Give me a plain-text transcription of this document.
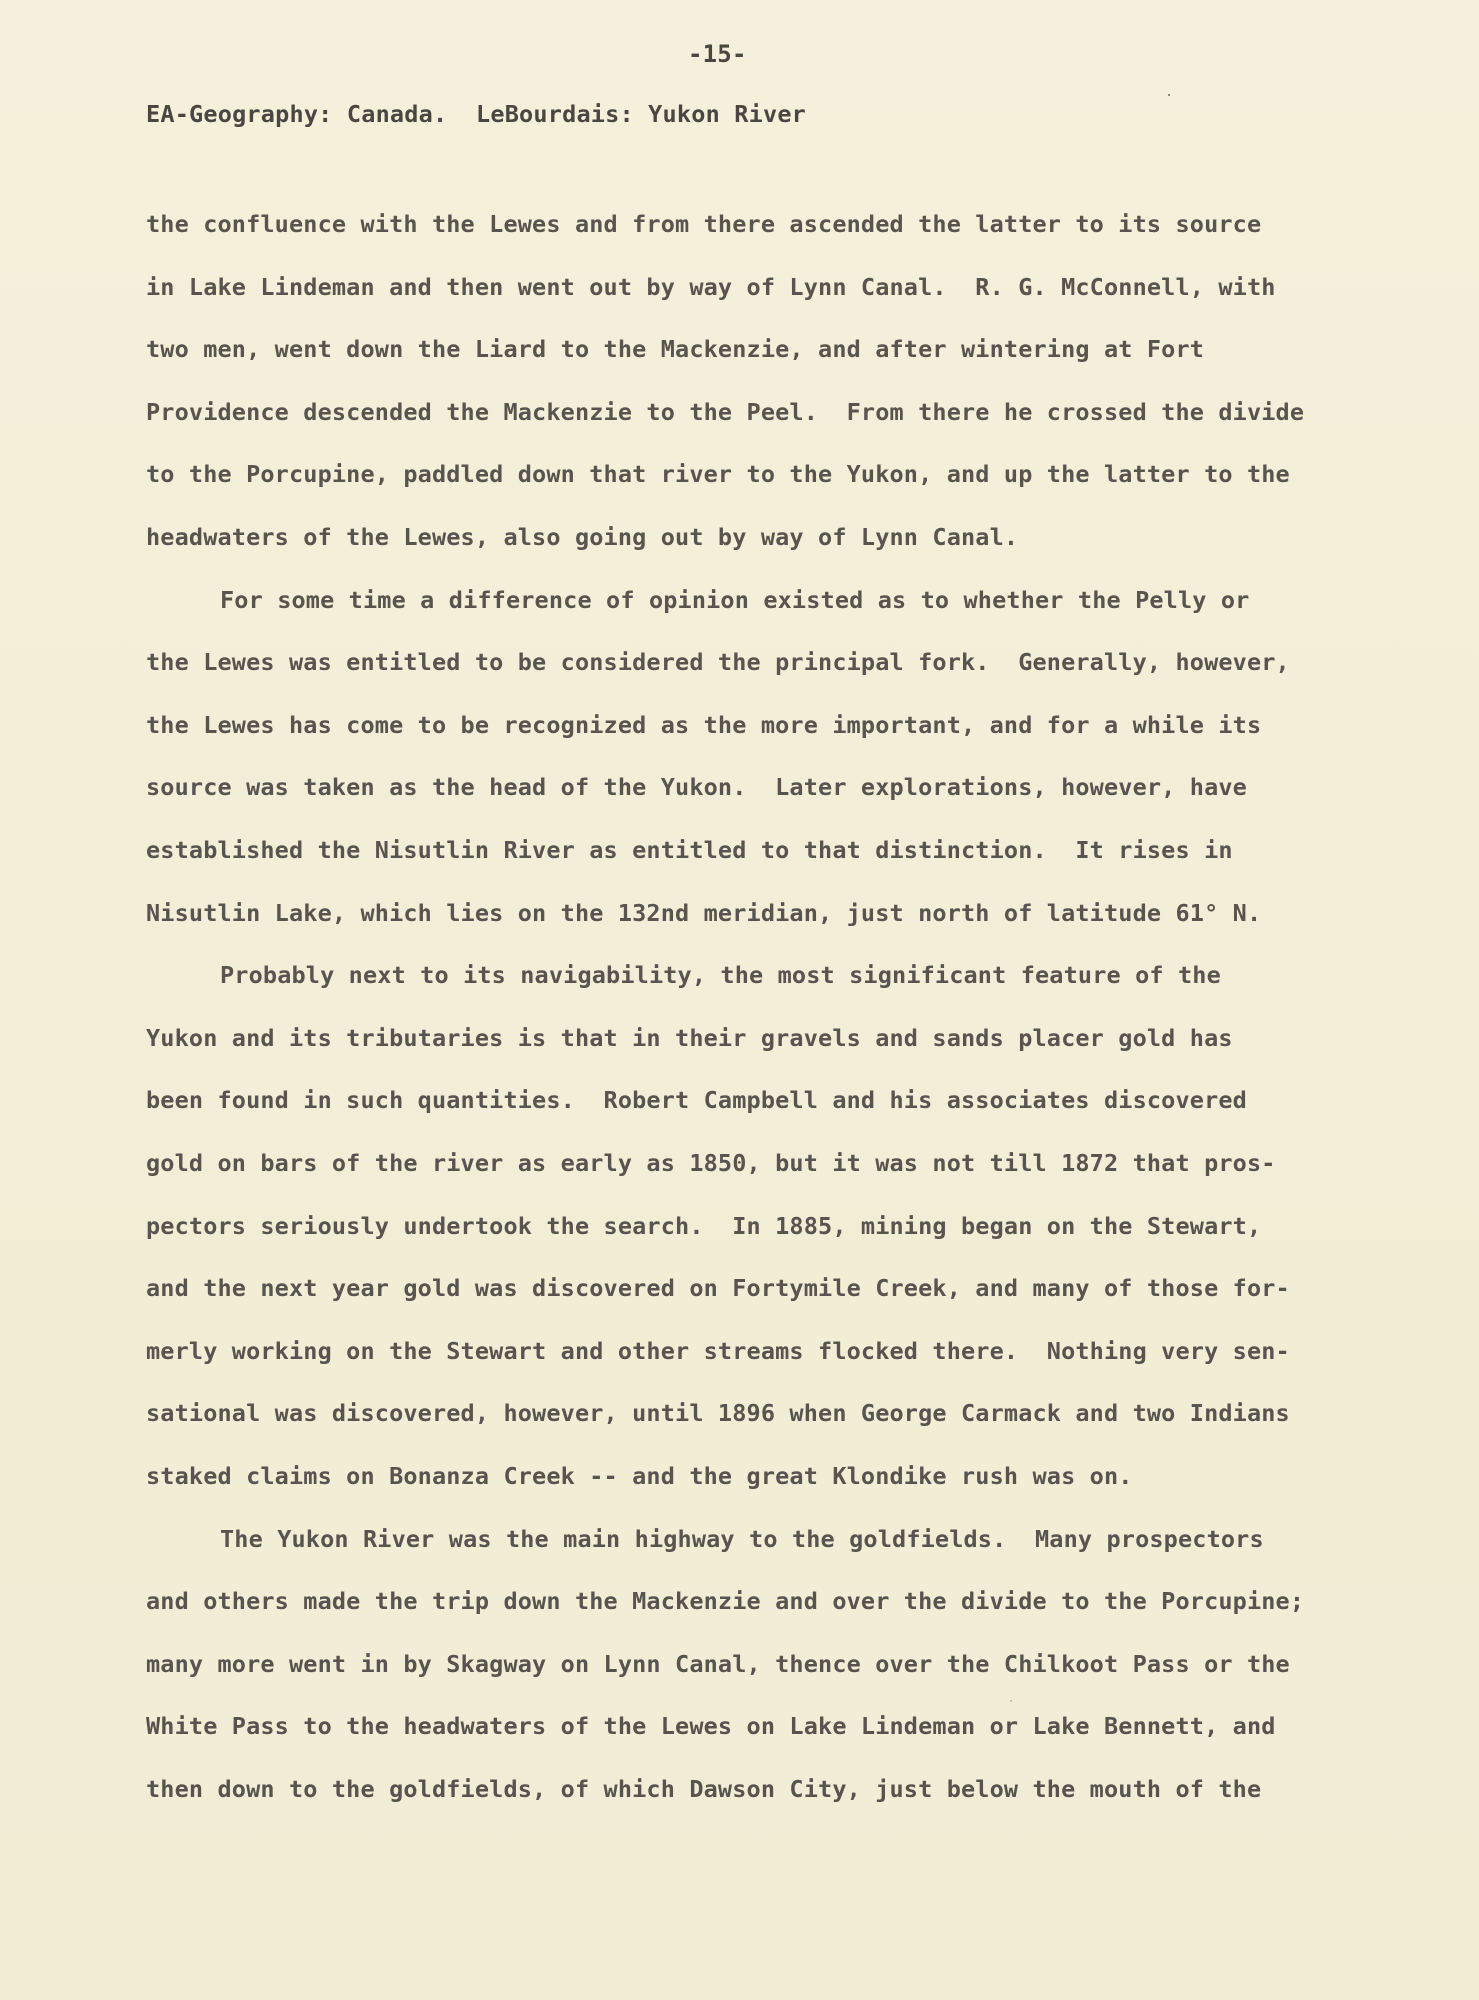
-15-
EA-Geography: Canada.  LeBourdais: Yukon River
the confluence with the Lewes and from there ascended the latter to its source
in Lake Lindeman and then went out by way of Lynn Canal.  R. G. McConnell, with
two men, went down the Liard to the Mackenzie, and after wintering at Fort
Providence descended the Mackenzie to the Peel.  From there he crossed the divide
to the Porcupine, paddled down that river to the Yukon, and up the latter to the
headwaters of the Lewes, also going out by way of Lynn Canal.
For some time a difference of opinion existed as to whether the Pelly or
the Lewes was entitled to be considered the principal fork.  Generally, however,
the Lewes has come to be recognized as the more important, and for a while its
source was taken as the head of the Yukon.  Later explorations, however, have
established the Nisutlin River as entitled to that distinction.  It rises in
Nisutlin Lake, which lies on the 132nd meridian, just north of latitude 61° N.
Probably next to its navigability, the most significant feature of the
Yukon and its tributaries is that in their gravels and sands placer gold has
been found in such quantities.  Robert Campbell and his associates discovered
gold on bars of the river as early as 1850, but it was not till 1872 that pros-
pectors seriously undertook the search.  In 1885, mining began on the Stewart,
and the next year gold was discovered on Fortymile Creek, and many of those for-
merly working on the Stewart and other streams flocked there.  Nothing very sen-
sational was discovered, however, until 1896 when George Carmack and two Indians
staked claims on Bonanza Creek -- and the great Klondike rush was on.
The Yukon River was the main highway to the goldfields.  Many prospectors
and others made the trip down the Mackenzie and over the divide to the Porcupine;
many more went in by Skagway on Lynn Canal, thence over the Chilkoot Pass or the
White Pass to the headwaters of the Lewes on Lake Lindeman or Lake Bennett, and
then down to the goldfields, of which Dawson City, just below the mouth of the
